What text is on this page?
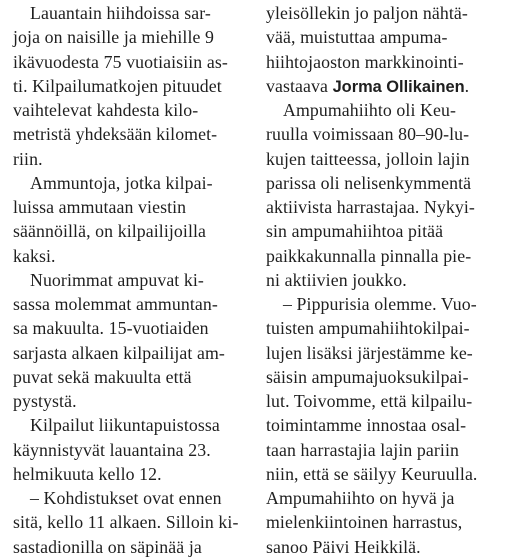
Lauantain hiihdoissa sar-
joja on naisille ja miehille 9
ikävuodesta 75 vuotiaisiin as-
ti. Kilpailumatkojen pituudet
vaihtelevat kahdesta kilo-
metristä yhdeksään kilomet-
riin.
Ammuntoja, jotka kilpai-
luissa ammutaan viestin
säännöillä, on kilpailijoilla
kaksi.
Nuorimmat ampuvat ki-
sassa molemmat ammuntan-
sa makuulta. 15-vuotiaiden
sarjasta alkaen kilpailijat am-
puvat sekä makuulta että
pystystä.
Kilpailut liikuntapuistossa
käynnistyvät lauantaina 23.
helmikuuta kello 12.
– Kohdistukset ovat ennen
sitä, kello 11 alkaen. Silloin ki-
sastadionilla on säpinää ja
yleisöllekin jo paljon nähtä-
vää, muistuttaa ampuma-
hiihtojaoston markkinointi-
vastaava Jorma Ollikainen.
Ampumahiihto oli Keu-
ruulla voimissaan 80–90-lu-
kujen taitteessa, jolloin lajin
parissa oli nelisenkymmentä
aktiivista harrastajaa. Nykyi-
sin ampumahiihtoa pitää
paikkakunnalla pinnalla pie-
ni aktiivien joukko.
– Pippurisia olemme. Vuo-
tuisten ampumahiihtokilpai-
lujen lisäksi järjestämme ke-
säisin ampumajuoksukilpai-
lut. Toivomme, että kilpailu-
toimintamme innostaa osal-
taan harrastajia lajin pariin
niin, että se säilyy Keuruulla.
Ampumahiihto on hyvä ja
mielenkiintoinen harrastus,
sanoo Päivi Heikkilä.
